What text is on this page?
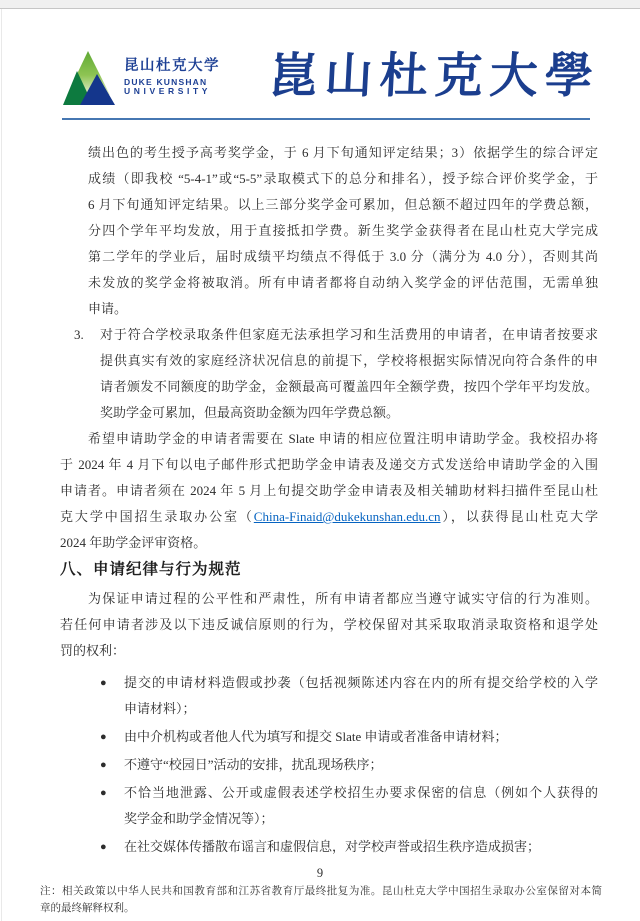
昆山杜克大学
DUKE KUNSHAN
UNIVERSITY 崑山杜克大學
绩出色的考生授予高考奖学金，于 6 月下旬通知评定结果；3）依据学生的综合评定
成绩（即我校 “5-4-1”或“5-5”录取模式下的总分和排名），授予综合评价奖学金，于
6 月下旬通知评定结果。以上三部分奖学金可累加，但总额不超过四年的学费总额，
分四个学年平均发放，用于直接抵扣学费。新生奖学金获得者在昆山杜克大学完成
第二学年的学业后，届时成绩平均绩点不得低于 3.0 分（满分为 4.0 分），否则其尚
未发放的奖学金将被取消。所有申请者都将自动纳入奖学金的评估范围，无需单独
申请。
3. 对于符合学校录取条件但家庭无法承担学习和生活费用的申请者，在申请者按要求
提供真实有效的家庭经济状况信息的前提下，学校将根据实际情况向符合条件的申
请者颁发不同额度的助学金，金额最高可覆盖四年全额学费，按四个学年平均发放。
奖助学金可累加，但最高资助金额为四年学费总额。
希望申请助学金的申请者需要在 Slate 申请的相应位置注明申请助学金。我校招办将
于 2024 年 4 月下旬以电子邮件形式把助学金申请表及递交方式发送给申请助学金的入围
申请者。申请者须在 2024 年 5 月上旬提交助学金申请表及相关辅助材料扫描件至昆山杜
克大学中国招生录取办公室（China-Finaid@dukekunshan.edu.cn），以获得昆山杜克大学
2024 年助学金评审资格。
八、申请纪律与行为规范
为保证申请过程的公平性和严肃性，所有申请者都应当遵守诚实守信的行为准则。
若任何申请者涉及以下违反诚信原则的行为，学校保留对其采取取消录取资格和退学处
罚的权利：
● 提交的申请材料造假或抄袭（包括视频陈述内容在内的所有提交给学校的入学
申请材料）；
● 由中介机构或者他人代为填写和提交 Slate 申请或者准备申请材料；
● 不遵守“校园日”活动的安排，扰乱现场秩序；
● 不恰当地泄露、公开或虚假表述学校招生办要求保密的信息（例如个人获得的
奖学金和助学金情况等）；
● 在社交媒体传播散布谣言和虚假信息，对学校声誉或招生秩序造成损害；
9
注：相关政策以中华人民共和国教育部和江苏省教育厅最终批复为准。昆山杜克大学中国招生录取办公室保留对本简
章的最终解释权利。
